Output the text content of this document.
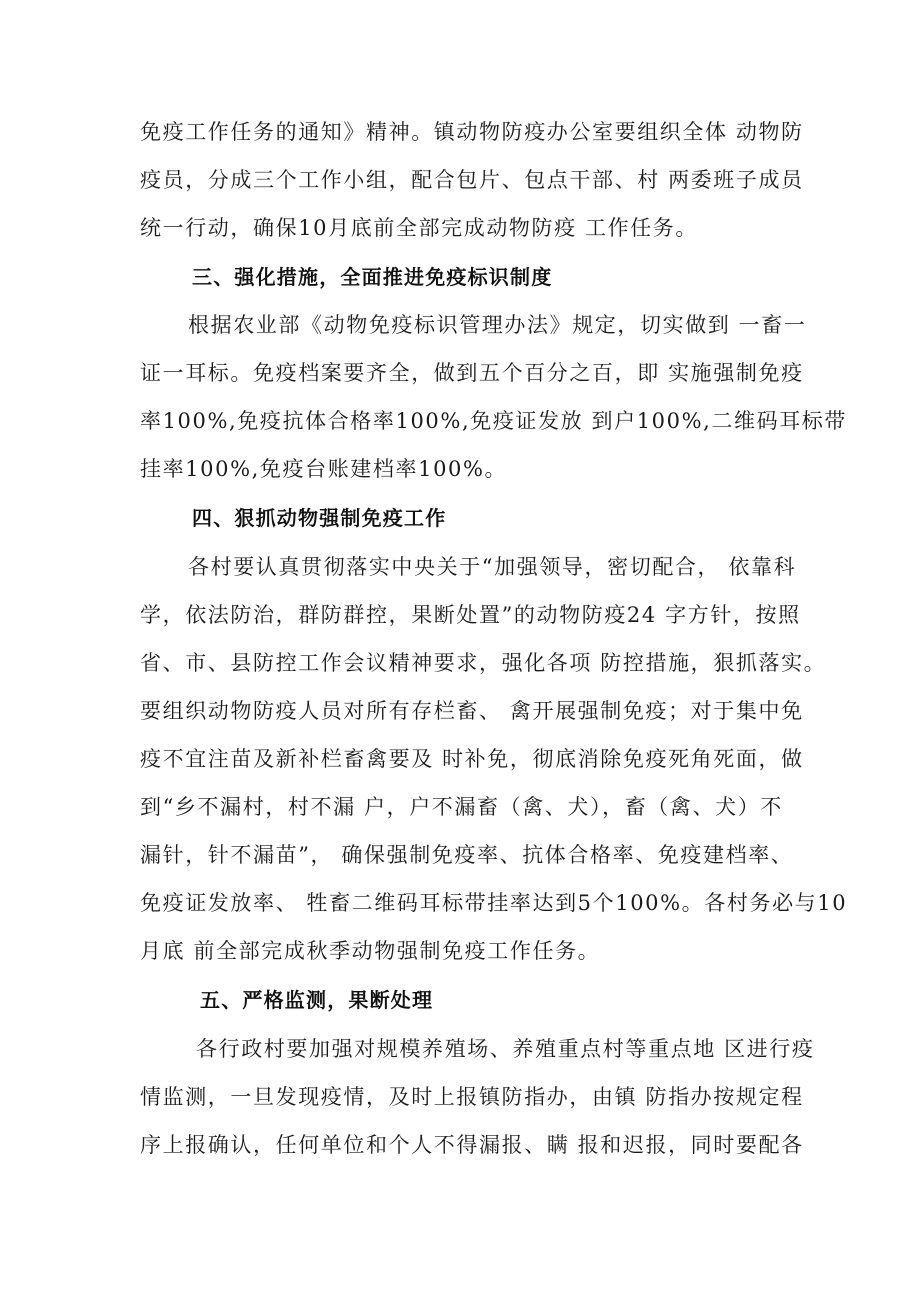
免疫工作任务的通知》精神。镇动物防疫办公室要组织全体 动物防
疫员，分成三个工作小组，配合包片、包点干部、村 两委班子成员
统一行动，确保10月底前全部完成动物防疫 工作任务。
三、强化措施，全面推进免疫标识制度
根据农业部《动物免疫标识管理办法》规定，切实做到 一畜一
证一耳标。免疫档案要齐全，做到五个百分之百，即 实施强制免疫
率100%,免疫抗体合格率100%,免疫证发放 到户100%,二维码耳标带
挂率100%,免疫台账建档率100%。
四、狠抓动物强制免疫工作
各村要认真贯彻落实中央关于“加强领导，密切配合， 依靠科
学，依法防治，群防群控，果断处置”的动物防疫24 字方针，按照
省、市、县防控工作会议精神要求，强化各项 防控措施，狠抓落实。
要组织动物防疫人员对所有存栏畜、 禽开展强制免疫；对于集中免
疫不宜注苗及新补栏畜禽要及 时补免，彻底消除免疫死角死面，做
到“乡不漏村，村不漏 户，户不漏畜（禽、犬），畜（禽、犬）不
漏针，针不漏苗”， 确保强制免疫率、抗体合格率、免疫建档率、
免疫证发放率、 牲畜二维码耳标带挂率达到5个100%。各村务必与10
月底 前全部完成秋季动物强制免疫工作任务。
五、严格监测，果断处理
各行政村要加强对规模养殖场、养殖重点村等重点地 区进行疫
情监测，一旦发现疫情，及时上报镇防指办，由镇 防指办按规定程
序上报确认，任何单位和个人不得漏报、瞒 报和迟报，同时要配各
